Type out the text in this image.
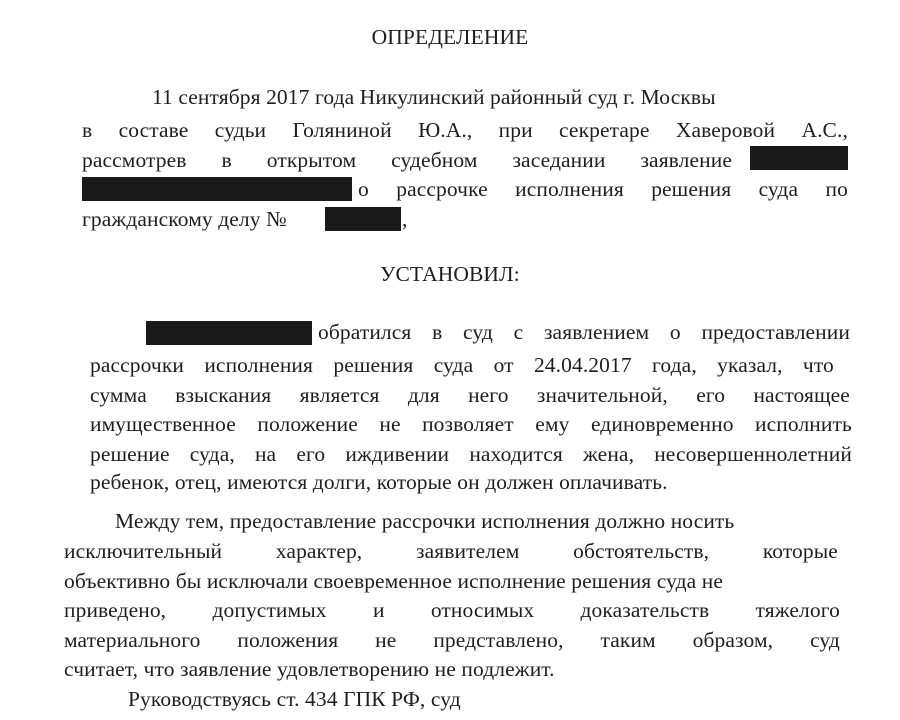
ОПРЕДЕЛЕНИЕ

11 сентября 2017 года Никулинский районный суд г. Москвы

в составе судьи Голяниной Ю.А., при секретаре Хаверовой А.С.,

рассмотрев в открытом судебном заседании заявление

о рассрочке исполнения решения суда по

гражданскому делу №	,

УСТАНОВИЛ:

обратился в суд с заявлением о предоставлении

рассрочки исполнения решения суда от 24.04.2017 года, указал, что

сумма взыскания является для него значительной, его настоящее

имущественное положение не позволяет ему единовременно исполнить

решение суда, на его иждивении находится жена, несовершеннолетний

ребенок, отец, имеются долги, которые он должен оплачивать.

Между тем, предоставление рассрочки исполнения должно носить

исключительный характер, заявителем обстоятельств, которые

объективно бы исключали своевременное исполнение решения суда не

приведено, допустимых и относимых доказательств тяжелого

материального положения не представлено, таким образом, суд

считает, что заявление удовлетворению не подлежит.

Руководствуясь ст. 434 ГПК РФ, суд
